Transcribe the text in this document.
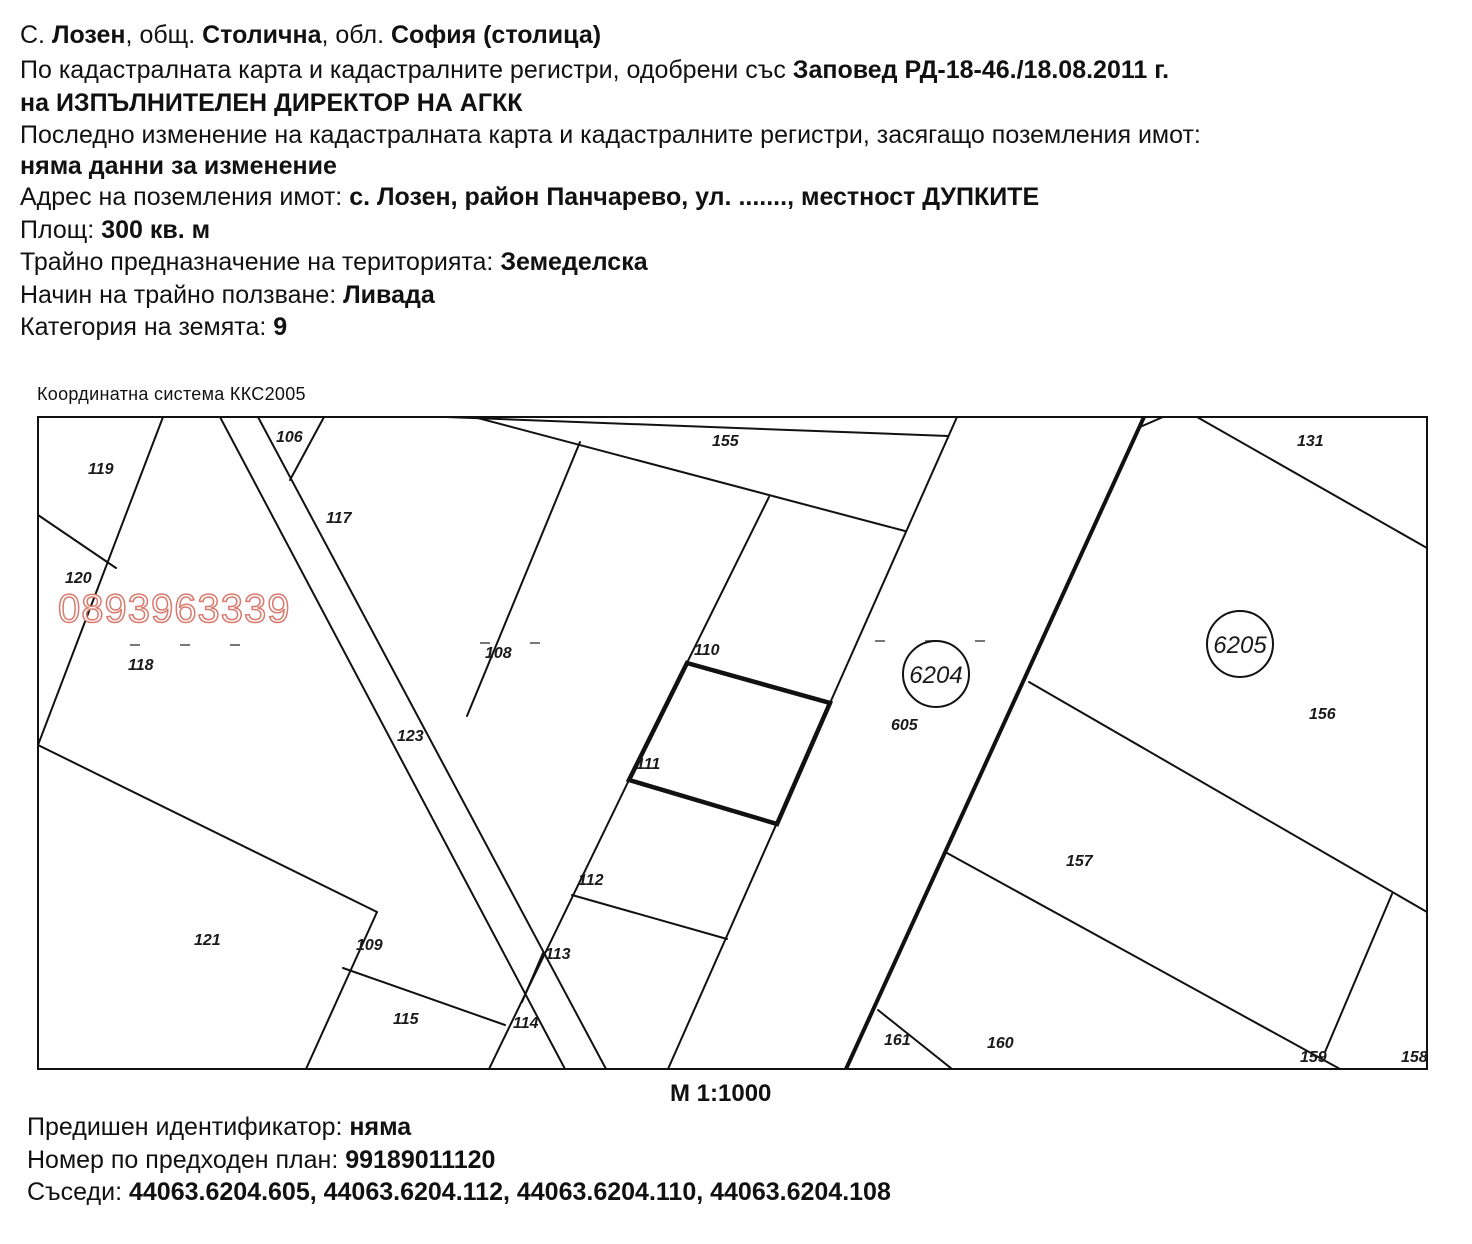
С. Лозен, общ. Столична, обл. София (столица)
По кадастралната карта и кадастралните регистри, одобрени със Заповед РД-18-46./18.08.2011 г.
на ИЗПЪЛНИТЕЛЕН ДИРЕКТОР НА АГКК
Последно изменение на кадастралната карта и кадастралните регистри, засягащо поземления имот:
няма данни за изменение
Адрес на поземления имот: с. Лозен, район Панчарево, ул. ......., местност ДУПКИТЕ
Площ: 300 кв. м
Трайно предназначение на територията: Земеделска
Начин на трайно ползване: Ливада
Категория на земята: 9
Координатна система ККС2005
6204
6205
119
106	155	131
117
120
108	110
118
123
605
156
111
112
157
121	109
113
115	114
161	160
159	158
0893963339
М 1:1000
Предишен идентификатор: няма
Номер по предходен план: 99189011120
Съседи: 44063.6204.605, 44063.6204.112, 44063.6204.110, 44063.6204.108
